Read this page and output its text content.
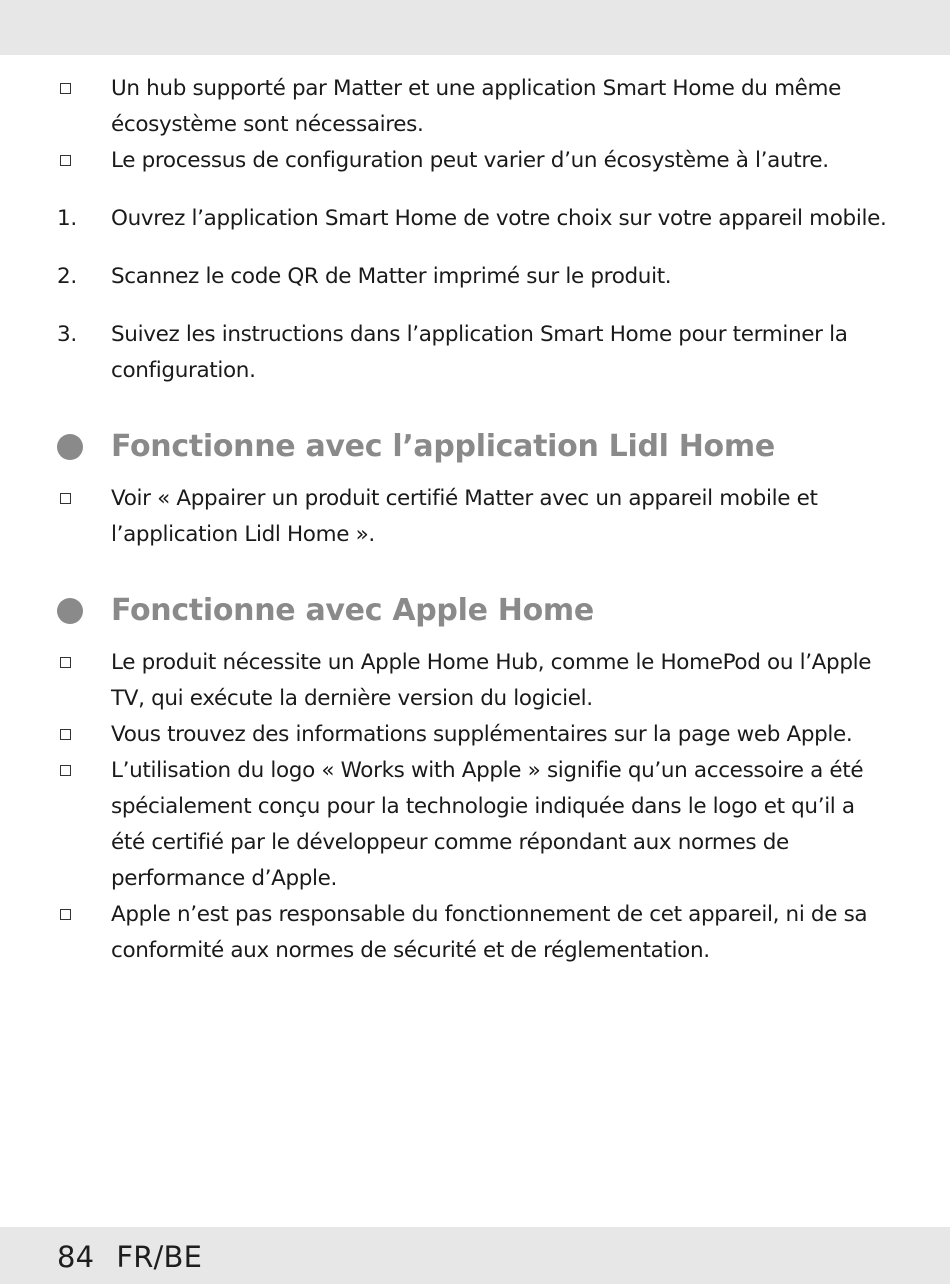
Un hub supporté par Matter et une application Smart Home du même écosystème sont nécessaires.
Le processus de configuration peut varier d’un écosystème à l’autre.
1. Ouvrez l’application Smart Home de votre choix sur votre appareil mobile.
2. Scannez le code QR de Matter imprimé sur le produit.
3. Suivez les instructions dans l’application Smart Home pour terminer la configuration.
Fonctionne avec l’application Lidl Home
Voir « Appairer un produit certifié Matter avec un appareil mobile et l’application Lidl Home ».
Fonctionne avec Apple Home
Le produit nécessite un Apple Home Hub, comme le HomePod ou l’Apple TV, qui exécute la dernière version du logiciel.
Vous trouvez des informations supplémentaires sur la page web Apple.
L’utilisation du logo « Works with Apple » signifie qu’un accessoire a été spécialement conçu pour la technologie indiquée dans le logo et qu’il a été certifié par le développeur comme répondant aux normes de performance d’Apple.
Apple n’est pas responsable du fonctionnement de cet appareil, ni de sa conformité aux normes de sécurité et de réglementation.
84 FR/BE
